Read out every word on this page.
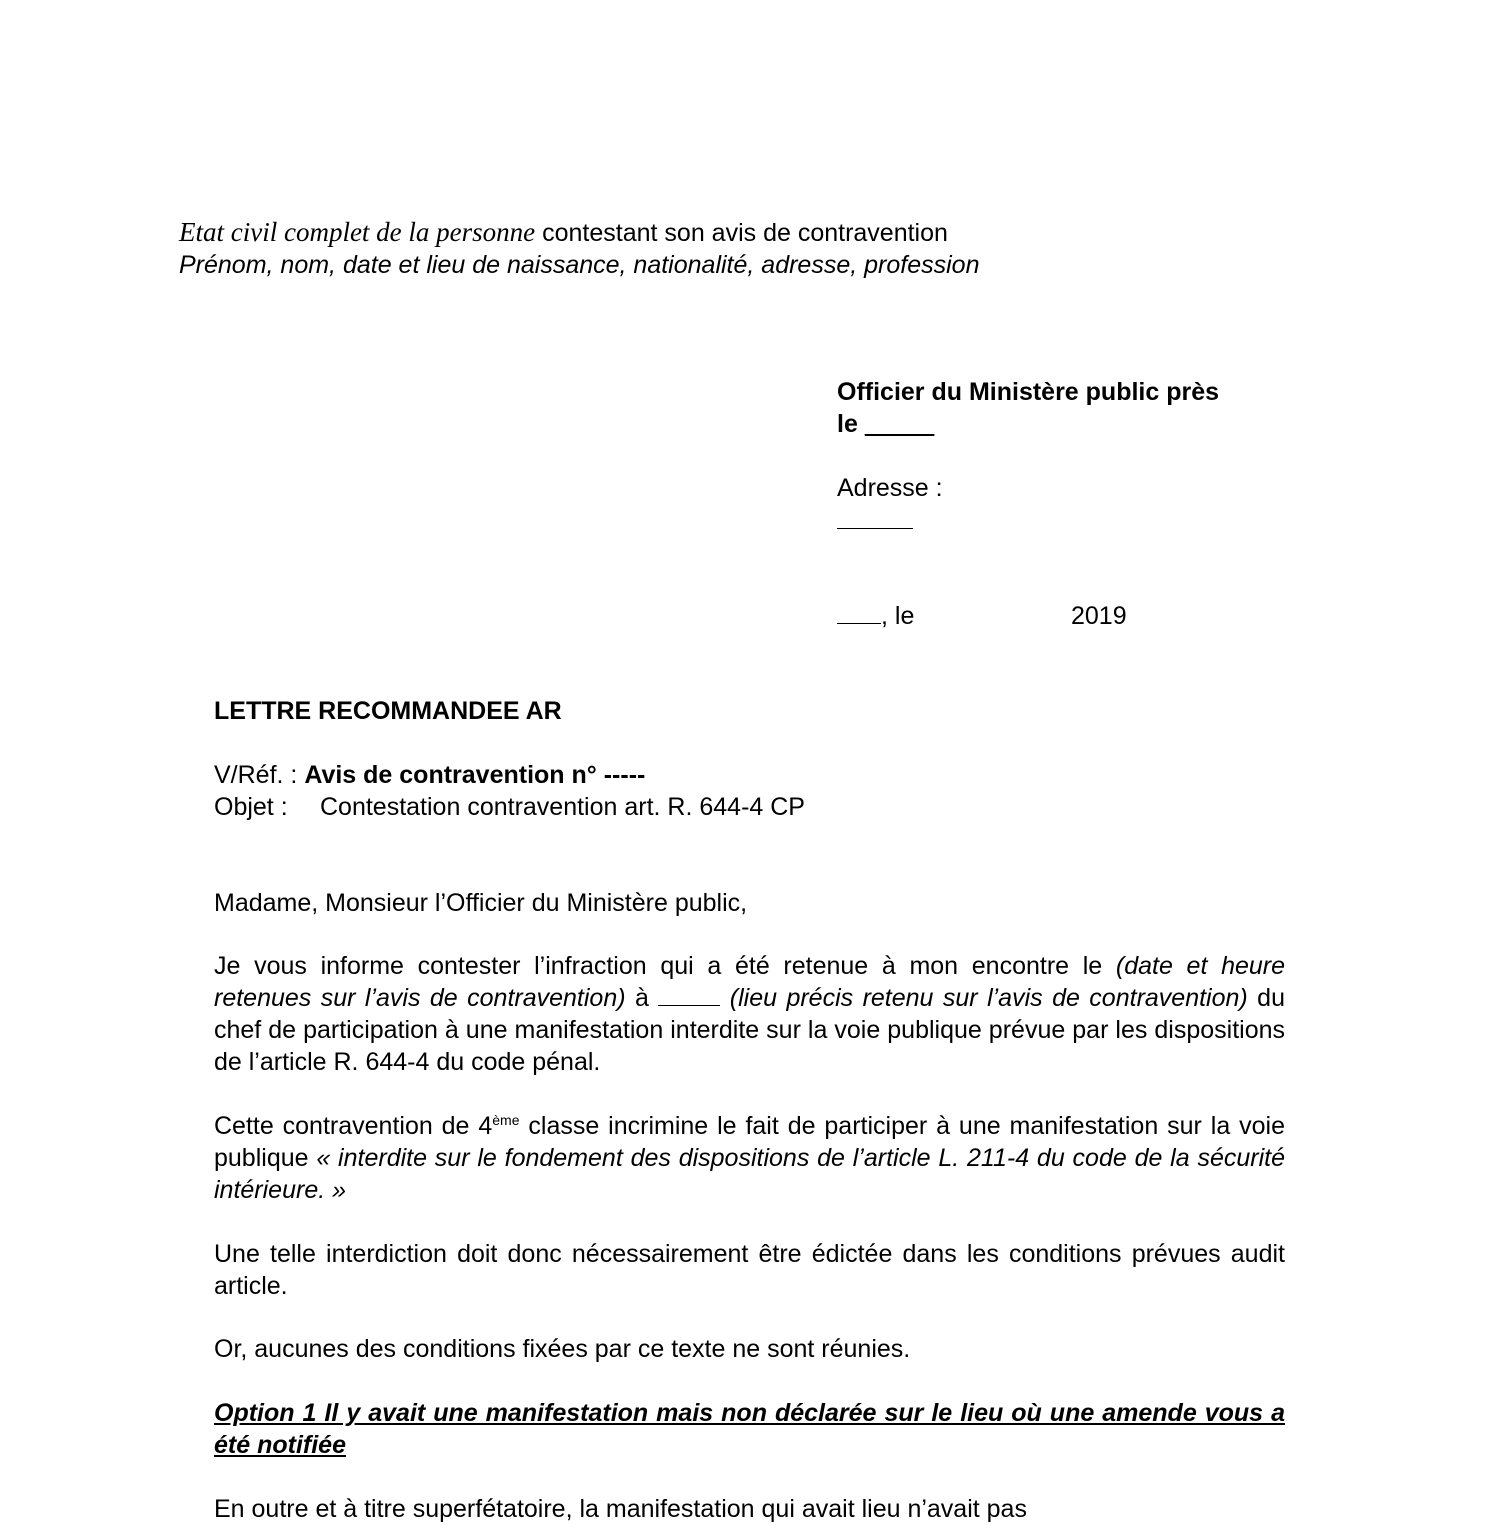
Etat civil complet de la personne contestant son avis de contravention
Prénom, nom, date et lieu de naissance, nationalité, adresse, profession
Officier du Ministère public près
le _____
Adresse :
, le	2019
LETTRE RECOMMANDEE AR
V/Réf. : Avis de contravention n° -----
Objet : Contestation contravention art. R. 644-4 CP
Madame, Monsieur l’Officier du Ministère public,
Je vous informe contester l’infraction qui a été retenue à mon encontre le (date et heure retenues sur l’avis de contravention) à  (lieu précis retenu sur l’avis de contravention) du chef de participation à une manifestation interdite sur la voie publique prévue par les dispositions de l’article R. 644-4 du code pénal.
Cette contravention de 4ème classe incrimine le fait de participer à une manifestation sur la voie publique « interdite sur le fondement des dispositions de l’article L. 211-4 du code de la sécurité intérieure. »
Une telle interdiction doit donc nécessairement être édictée dans les conditions prévues audit article.
Or, aucunes des conditions fixées par ce texte ne sont réunies.
Option 1 Il y avait une manifestation mais non déclarée sur le lieu où une amende vous a été notifiée
En outre et à titre superfétatoire, la manifestation qui avait lieu n’avait pas
